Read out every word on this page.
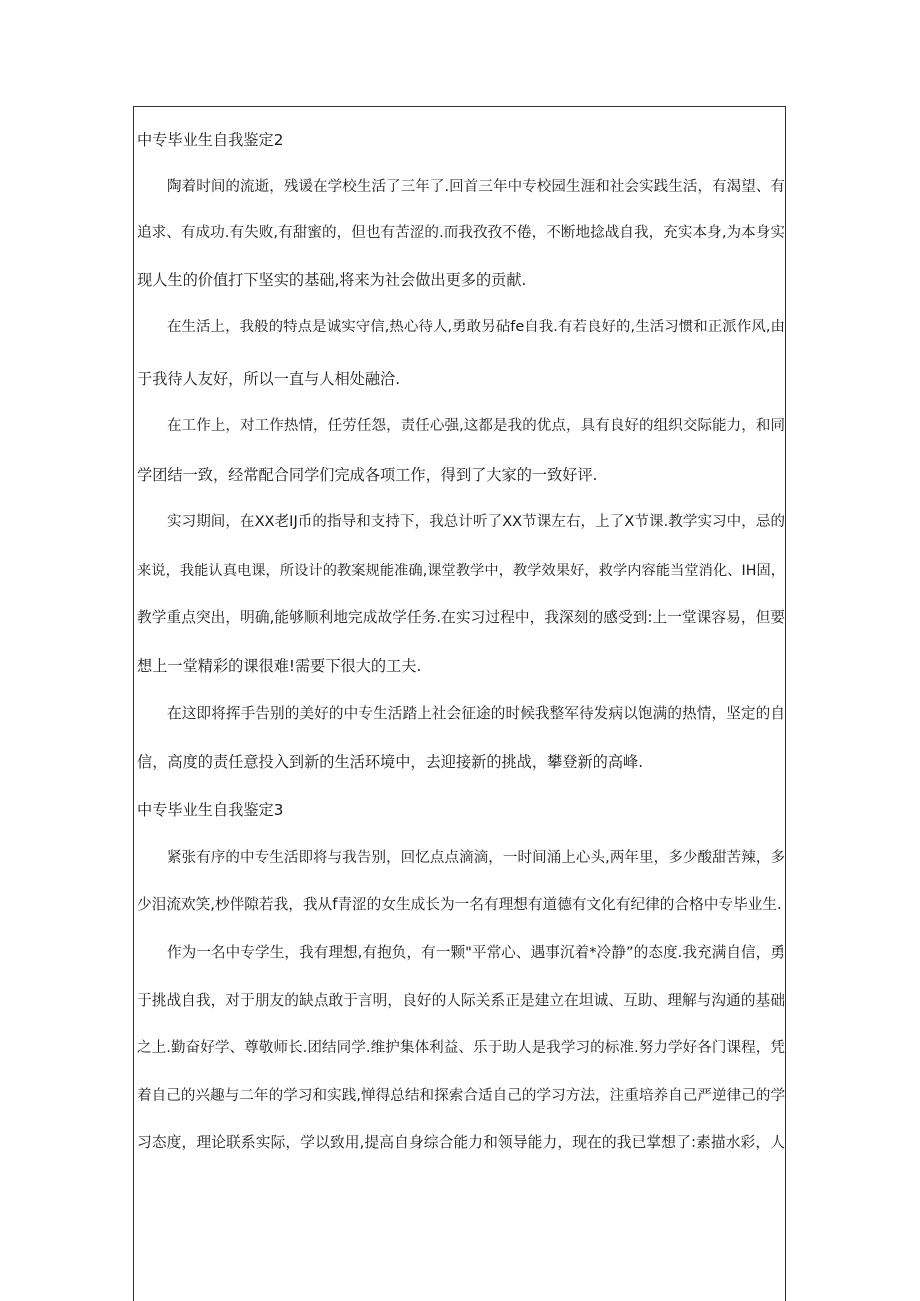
中专毕业生自我鉴定2
陶着时间的流逝，残谖在学校生活了三年了.回首三年中专校园生涯和社会实践生活，有渴望、有
追求、有成功.有失败,有甜蜜的，但也有苦涩的.而我孜孜不倦，不断地捻战自我，充实本身,为本身实
现人生的价值打下坚实的基础,将来为社会做出更多的贡献.
在生活上，我般的特点是诚实守信,热心待人,勇敢另砧fe自我.有若良好的,生活习惯和正派作风,由
于我待人友好，所以一直与人相处融洽.
在工作上，对工作热情，任劳任怨，责任心强,这都是我的优点，具有良好的组织交际能力，和同
学团结一致，经常配合同学们完成各项工作，得到了大家的一致好评.
实习期间，在XX老IJ币的指导和支持下，我总计听了XX节课左右，上了X节课.教学实习中，忌的
来说，我能认真电课，所设计的教案规能准确,课堂教学中，教学效果好，救学内容能当堂消化、IH固，
教学重点突出，明确,能够顺利地完成故学任务.在实习过程中，我深刻的感受到:上一堂课容易，但要
想上一堂精彩的课很难!需要下很大的工夫.
在这即将挥手告别的美好的中专生活踏上社会征途的时候我整军待发病以饱满的热情，坚定的自
信，高度的责任意投入到新的生活环境中，去迎接新的挑战，攀登新的高峰.
中专毕业生自我鉴定3
紧张有序的中专生活即将与我告别，回忆点点滴滴，一时间涌上心头,两年里，多少酸甜苦辣，多
少泪流欢笑,杪伴隙若我，我从f青涩的女生成长为一名有理想有道德有文化有纪律的合格中专毕业生.
作为一名中专学生，我有理想,有抱负，有一颗"平常心、遇事沉着*冷静”的态度.我充满自信，勇
于挑战自我，对于朋友的缺点敢于言明，良好的人际关系正是建立在坦诚、互助、理解与沟通的基础
之上.勤奋好学、尊敬师长.团结同学.维护集体利益、乐于助人是我学习的标准.努力学好各门课程，凭
着自己的兴趣与二年的学习和实践,惮得总结和探索合适自己的学习方法，注重培养自己严逆律己的学
习态度，理论联系实际，学以致用,提高自身综合能力和领导能力，现在的我已掌想了:素描水彩，人
